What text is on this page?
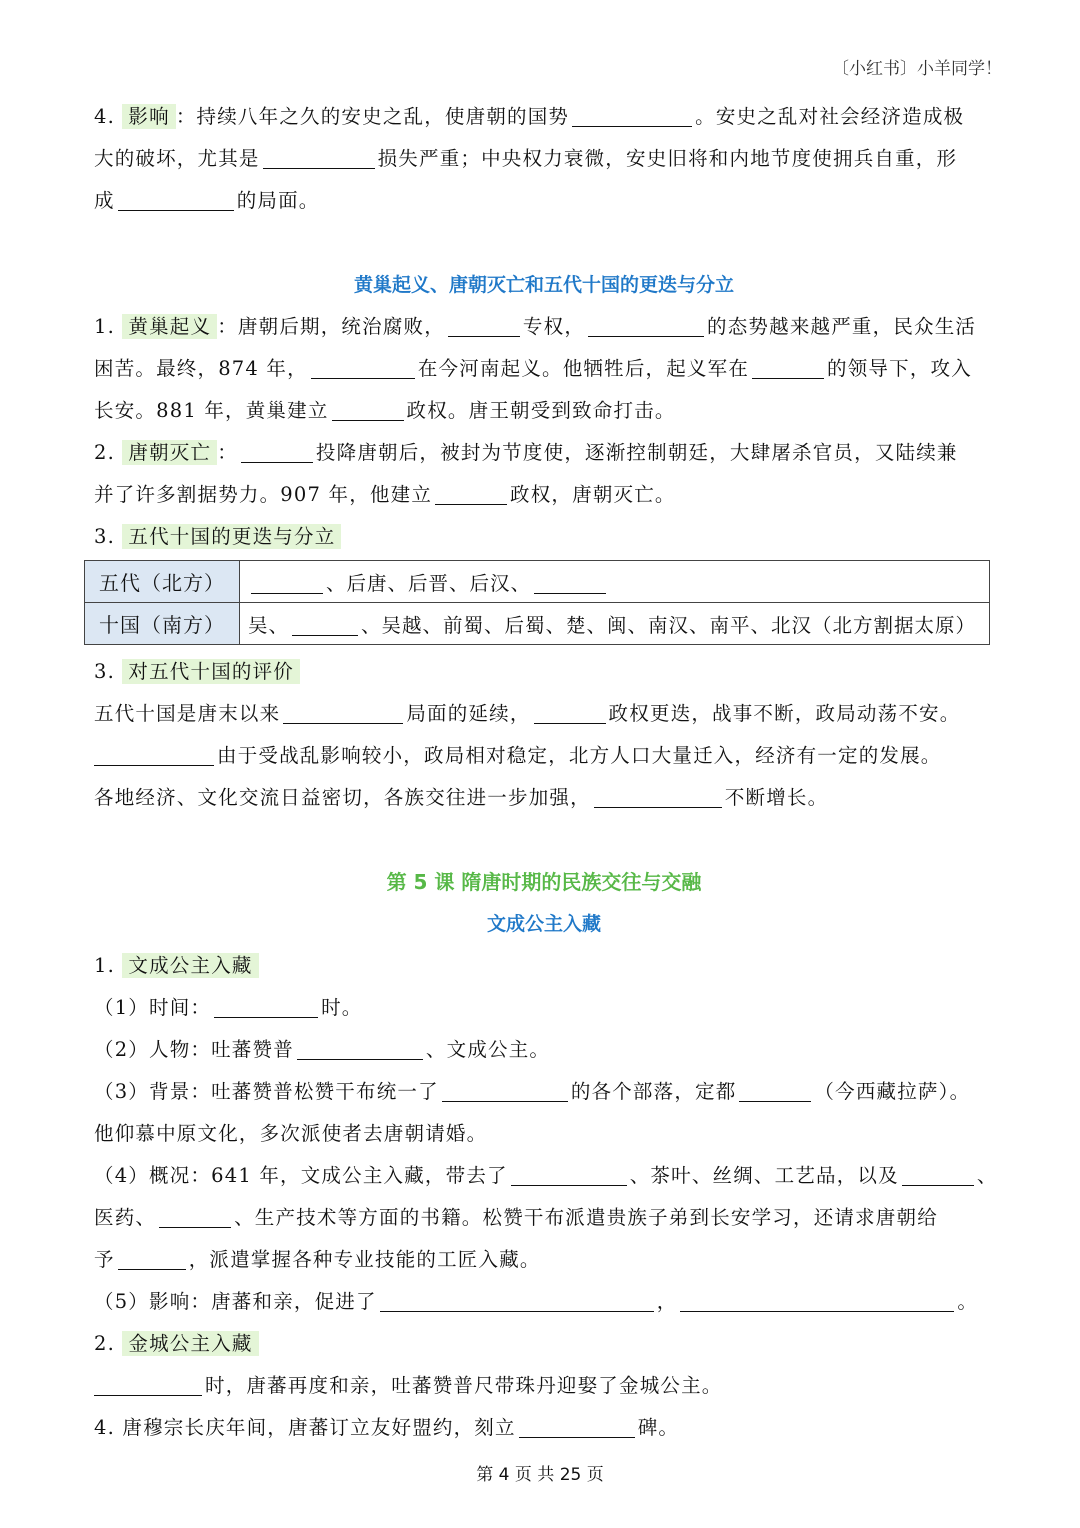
〔小红书〕小羊同学！
4. 影响 ：持续八年之久的安史之乱，使唐朝的国势	。安史之乱对社会经济造成极
大的破坏，尤其是	损失严重；中央权力衰微，安史旧将和内地节度使拥兵自重，形
成	的局面。
黄巢起义、唐朝灭亡和五代十国的更迭与分立
1. 黄巢起义 ：唐朝后期，统治腐败，	专权，	的态势越来越严重，民众生活
困苦。最终，874 年，	在今河南起义。他牺牲后，起义军在	的领导下，攻入
长安。881 年，黄巢建立	政权。唐王朝受到致命打击。
2. 唐朝灭亡 ：	投降唐朝后，被封为节度使，逐渐控制朝廷，大肆屠杀官员，又陆续兼
并了许多割据势力。907 年，他建立	政权，唐朝灭亡。
3. 五代十国的更迭与分立
五代（北方）	、后唐、后晋、后汉、
十国（南方）	吴、 、吴越、前蜀、后蜀、楚、闽、南汉、南平、北汉（北方割据太原）
3. 对五代十国的评价
五代十国是唐末以来	局面的延续，	政权更迭，战事不断，政局动荡不安。
由于受战乱影响较小，政局相对稳定，北方人口大量迁入，经济有一定的发展。
各地经济、文化交流日益密切，各族交往进一步加强，	不断增长。
第 5 课 隋唐时期的民族交往与交融
文成公主入藏
1. 文成公主入藏
（1）时间：	时。
（2）人物：吐蕃赞普	、文成公主。
（3）背景：吐蕃赞普松赞干布统一了	的各个部落，定都	（今西藏拉萨）。
他仰慕中原文化，多次派使者去唐朝请婚。
（4）概况：641 年，文成公主入藏，带去了	、茶叶、丝绸、工艺品，以及	、
医药、	、生产技术等方面的书籍。松赞干布派遣贵族子弟到长安学习，还请求唐朝给
予	，派遣掌握各种专业技能的工匠入藏。
（5）影响：唐蕃和亲，促进了	，	。
2. 金城公主入藏
时，唐蕃再度和亲，吐蕃赞普尺带珠丹迎娶了金城公主。
4. 唐穆宗长庆年间，唐蕃订立友好盟约，刻立	碑。
第 4 页 共 25 页
